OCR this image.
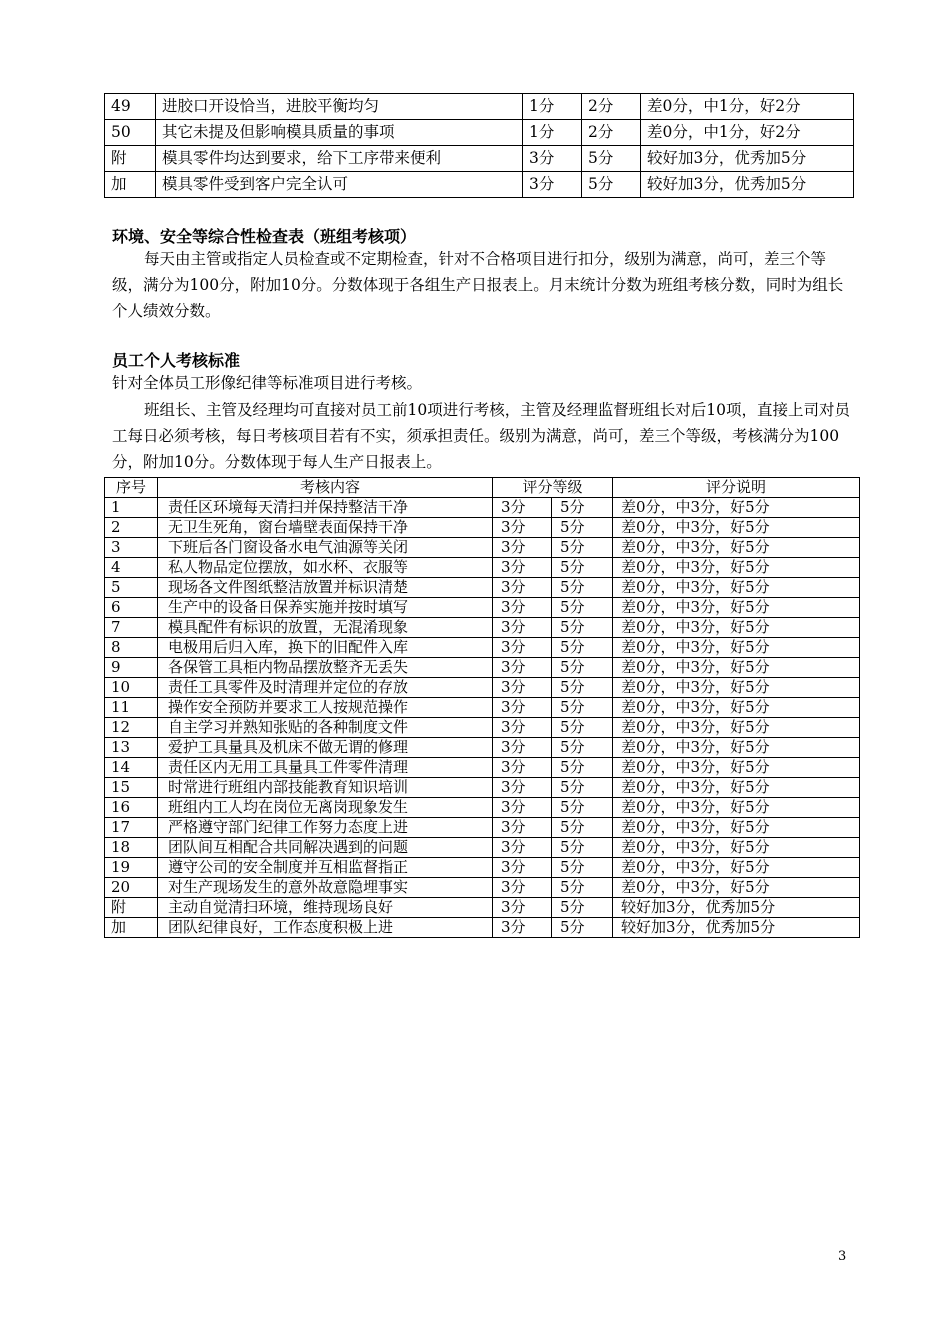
49	进胶口开设恰当，进胶平衡均匀	1分	2分	差0分，中1分，好2分
50	其它未提及但影响模具质量的事项	1分	2分	差0分，中1分，好2分
附	模具零件均达到要求，给下工序带来便利	3分	5分	较好加3分，优秀加5分
加	模具零件受到客户完全认可	3分	5分	较好加3分，优秀加5分
环境、安全等综合性检查表（班组考核项）
每天由主管或指定人员检查或不定期检查，针对不合格项目进行扣分，级别为满意，尚可，差三个等级，满分为100分，附加10分。分数体现于各组生产日报表上。月末统计分数为班组考核分数，同时为组长个人绩效分数。
员工个人考核标准
针对全体员工形像纪律等标准项目进行考核。
班组长、主管及经理均可直接对员工前10项进行考核，主管及经理监督班组长对后10项，直接上司对员工每日必须考核，每日考核项目若有不实，须承担责任。级别为满意，尚可，差三个等级，考核满分为100分，附加10分。分数体现于每人生产日报表上。
序号	考核内容	评分等级		评分说明
1	责任区环境每天清扫并保持整洁干净	3分	5分	差0分，中3分，好5分
2	无卫生死角，窗台墙壁表面保持干净	3分	5分	差0分，中3分，好5分
3	下班后各门窗设备水电气油源等关闭	3分	5分	差0分，中3分，好5分
4	私人物品定位摆放，如水杯、衣服等	3分	5分	差0分，中3分，好5分
5	现场各文件图纸整洁放置并标识清楚	3分	5分	差0分，中3分，好5分
6	生产中的设备日保养实施并按时填写	3分	5分	差0分，中3分，好5分
7	模具配件有标识的放置，无混淆现象	3分	5分	差0分，中3分，好5分
8	电极用后归入库，换下的旧配件入库	3分	5分	差0分，中3分，好5分
9	各保管工具柜内物品摆放整齐无丢失	3分	5分	差0分，中3分，好5分
10	责任工具零件及时清理并定位的存放	3分	5分	差0分，中3分，好5分
11	操作安全预防并要求工人按规范操作	3分	5分	差0分，中3分，好5分
12	自主学习并熟知张贴的各种制度文件	3分	5分	差0分，中3分，好5分
13	爱护工具量具及机床不做无谓的修理	3分	5分	差0分，中3分，好5分
14	责任区内无用工具量具工件零件清理	3分	5分	差0分，中3分，好5分
15	时常进行班组内部技能教育知识培训	3分	5分	差0分，中3分，好5分
16	班组内工人均在岗位无离岗现象发生	3分	5分	差0分，中3分，好5分
17	严格遵守部门纪律工作努力态度上进	3分	5分	差0分，中3分，好5分
18	团队间互相配合共同解决遇到的问题	3分	5分	差0分，中3分，好5分
19	遵守公司的安全制度并互相监督指正	3分	5分	差0分，中3分，好5分
20	对生产现场发生的意外故意隐埋事实	3分	5分	差0分，中3分，好5分
附	主动自觉清扫环境，维持现场良好	3分	5分	较好加3分，优秀加5分
加	团队纪律良好，工作态度积极上进	3分	5分	较好加3分，优秀加5分
3
